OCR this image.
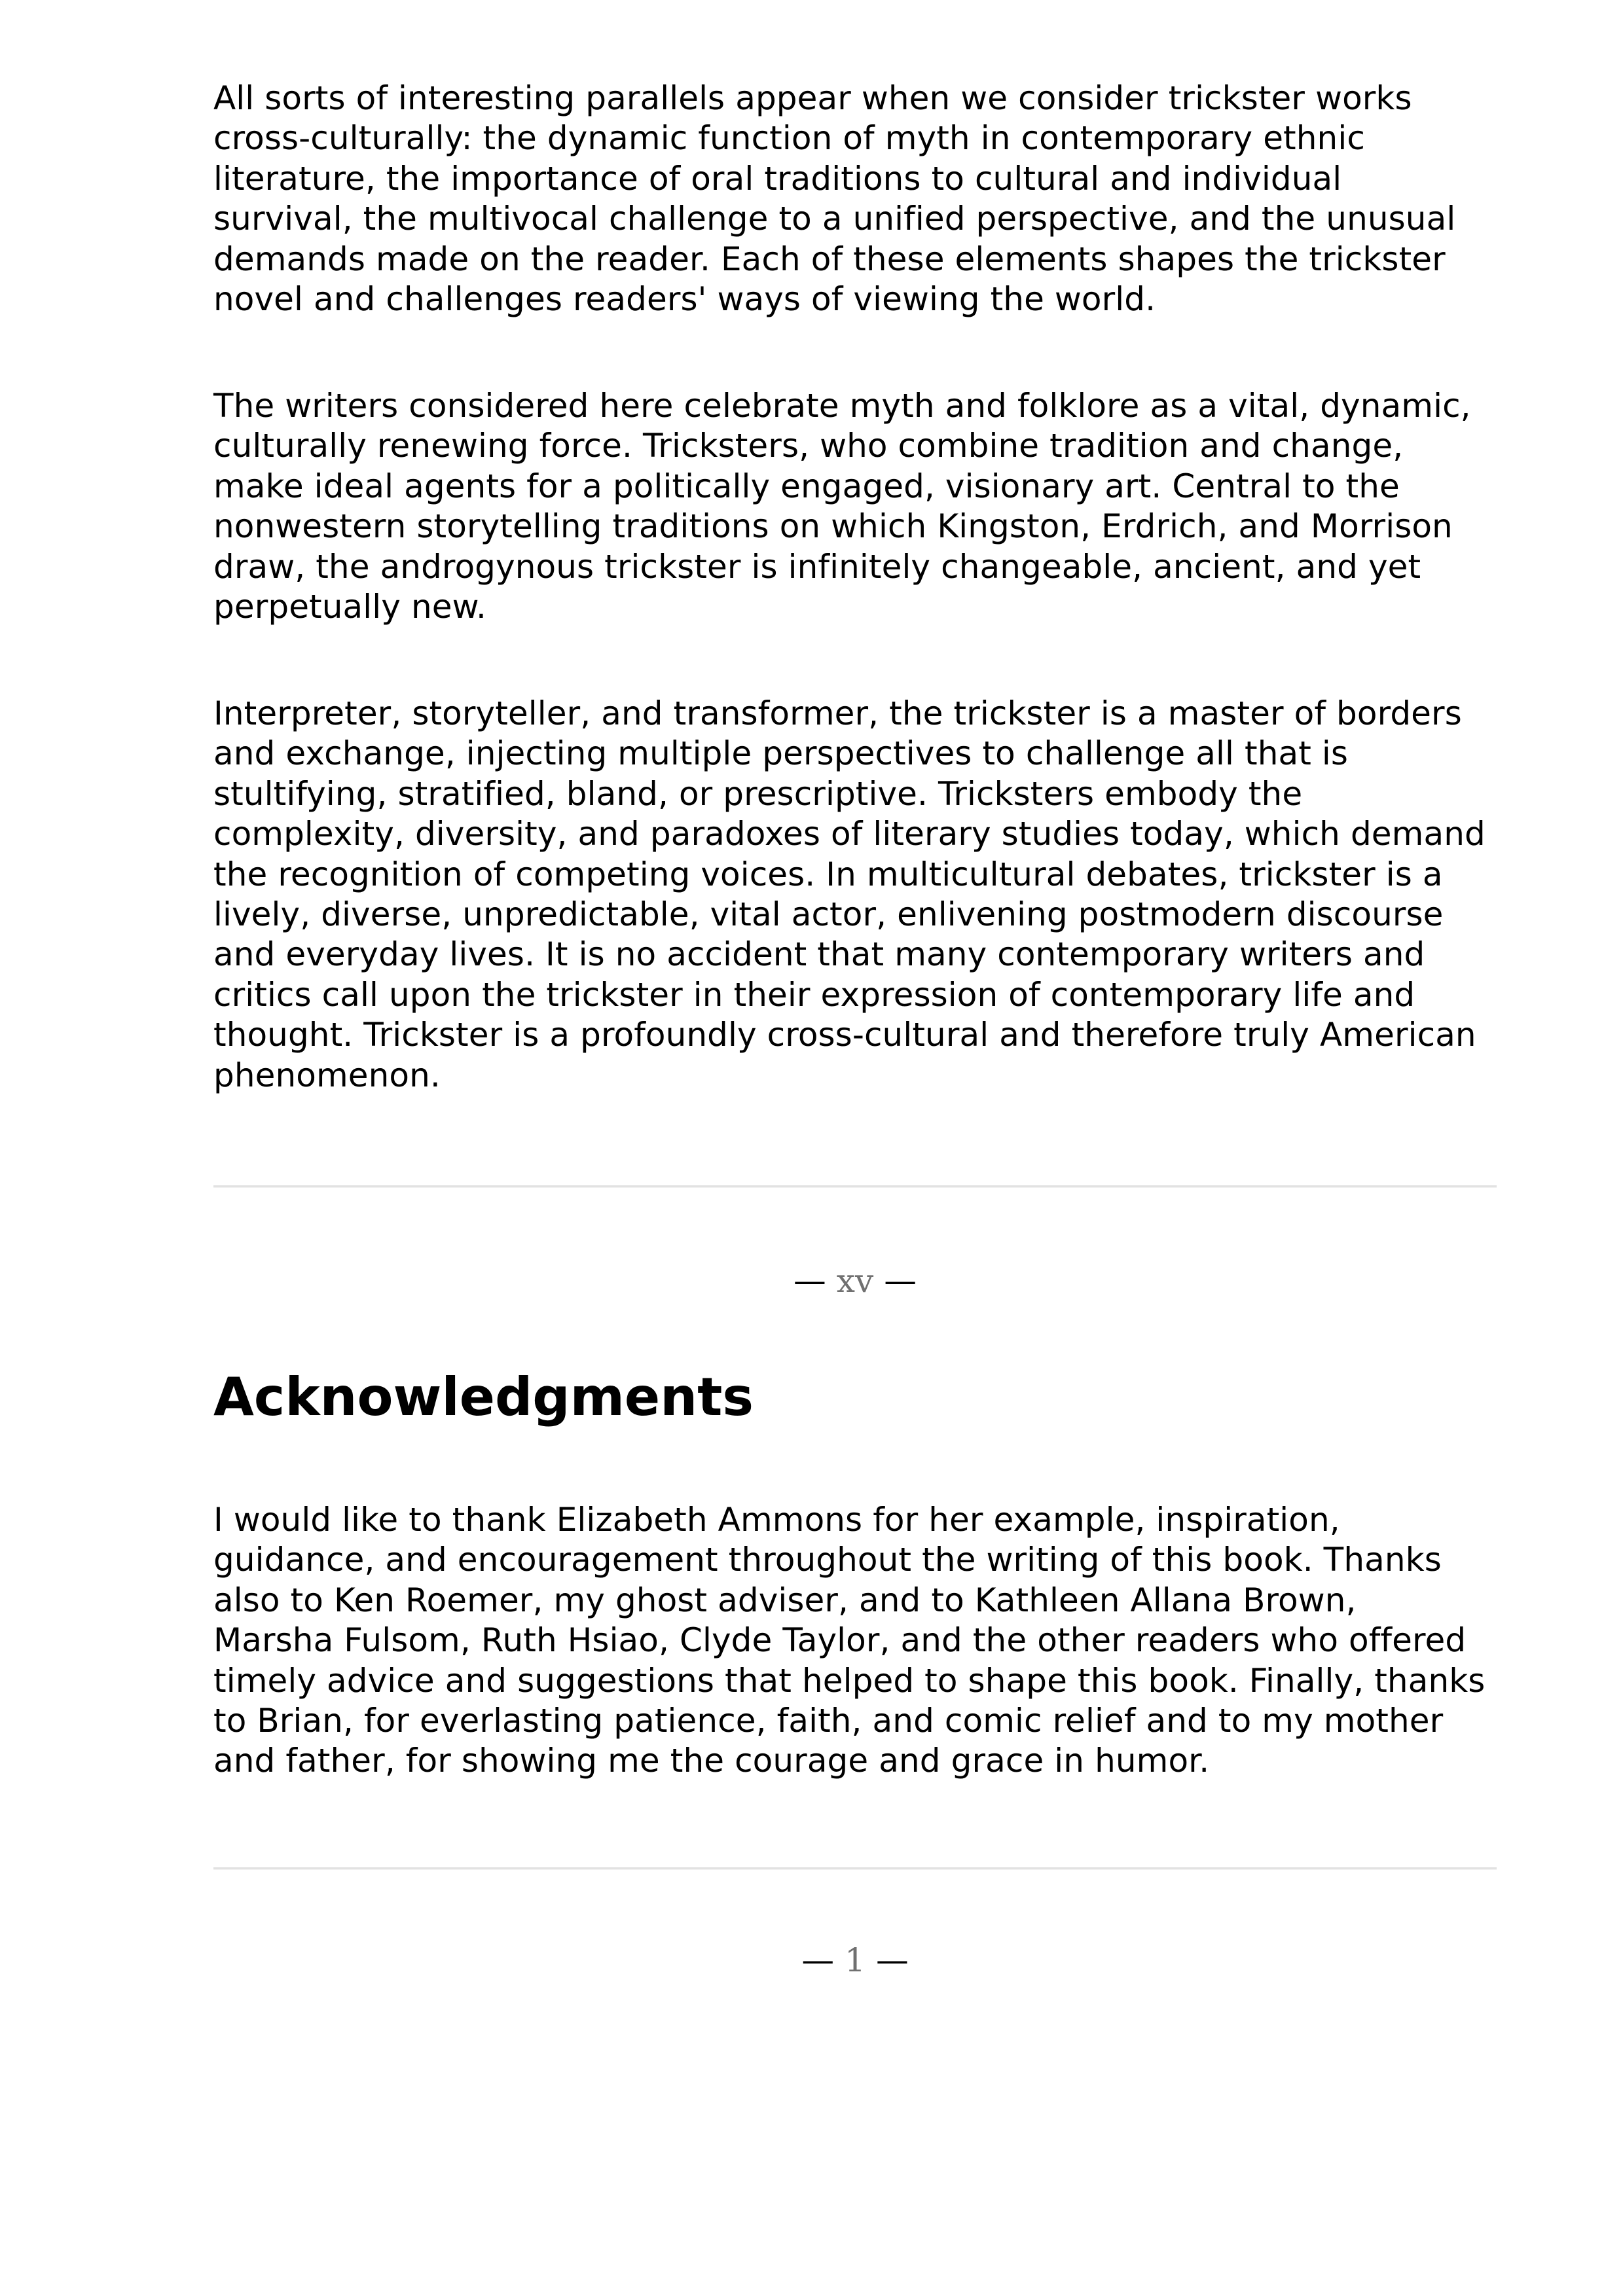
All sorts of interesting parallels appear when we consider trickster works
cross-culturally: the dynamic function of myth in contemporary ethnic
literature, the importance of oral traditions to cultural and individual
survival, the multivocal challenge to a unified perspective, and the unusual
demands made on the reader. Each of these elements shapes the trickster
novel and challenges readers' ways of viewing the world.

The writers considered here celebrate myth and folklore as a vital, dynamic,
culturally renewing force. Tricksters, who combine tradition and change,
make ideal agents for a politically engaged, visionary art. Central to the
nonwestern storytelling traditions on which Kingston, Erdrich, and Morrison
draw, the androgynous trickster is infinitely changeable, ancient, and yet
perpetually new.

Interpreter, storyteller, and transformer, the trickster is a master of borders
and exchange, injecting multiple perspectives to challenge all that is
stultifying, stratified, bland, or prescriptive. Tricksters embody the
complexity, diversity, and paradoxes of literary studies today, which demand
the recognition of competing voices. In multicultural debates, trickster is a
lively, diverse, unpredictable, vital actor, enlivening postmodern discourse
and everyday lives. It is no accident that many contemporary writers and
critics call upon the trickster in their expression of contemporary life and
thought. Trickster is a profoundly cross-cultural and therefore truly American
phenomenon.

— xv —
Acknowledgments

I would like to thank Elizabeth Ammons for her example, inspiration,
guidance, and encouragement throughout the writing of this book. Thanks
also to Ken Roemer, my ghost adviser, and to Kathleen Allana Brown,
Marsha Fulsom, Ruth Hsiao, Clyde Taylor, and the other readers who offered
timely advice and suggestions that helped to shape this book. Finally, thanks
to Brian, for everlasting patience, faith, and comic relief and to my mother
and father, for showing me the courage and grace in humor.

— 1 —
